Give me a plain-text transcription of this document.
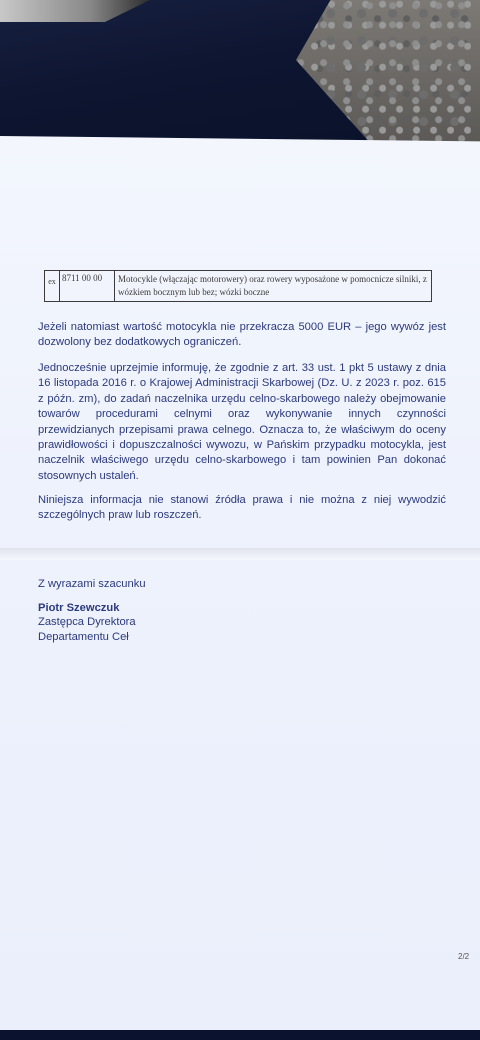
ex 8711 00 00	Motocykle (włączając motorowery) oraz rowery wyposażone w pomocnicze silniki, z wózkiem bocznym lub bez; wózki boczne

Jeżeli natomiast wartość motocykla nie przekracza 5000 EUR – jego wywóz jest dozwolony bez dodatkowych ograniczeń.

Jednocześnie uprzejmie informuję, że zgodnie z art. 33 ust. 1 pkt 5 ustawy z dnia 16 listopada 2016 r. o Krajowej Administracji Skarbowej (Dz. U. z 2023 r. poz. 615 z późn. zm), do zadań naczelnika urzędu celno-skarbowego należy obejmowanie towarów procedurami celnymi oraz wykonywanie innych czynności przewidzianych przepisami prawa celnego. Oznacza to, że właściwym do oceny prawidłowości i dopuszczalności wywozu, w Pańskim przypadku motocykla, jest naczelnik właściwego urzędu celno-skarbowego i tam powinien Pan dokonać stosownych ustaleń.

Niniejsza informacja nie stanowi źródła prawa i nie można z niej wywodzić szczególnych praw lub roszczeń.

Z wyrazami szacunku
Piotr Szewczuk
Zastępca Dyrektora
Departamentu Ceł
2/2
